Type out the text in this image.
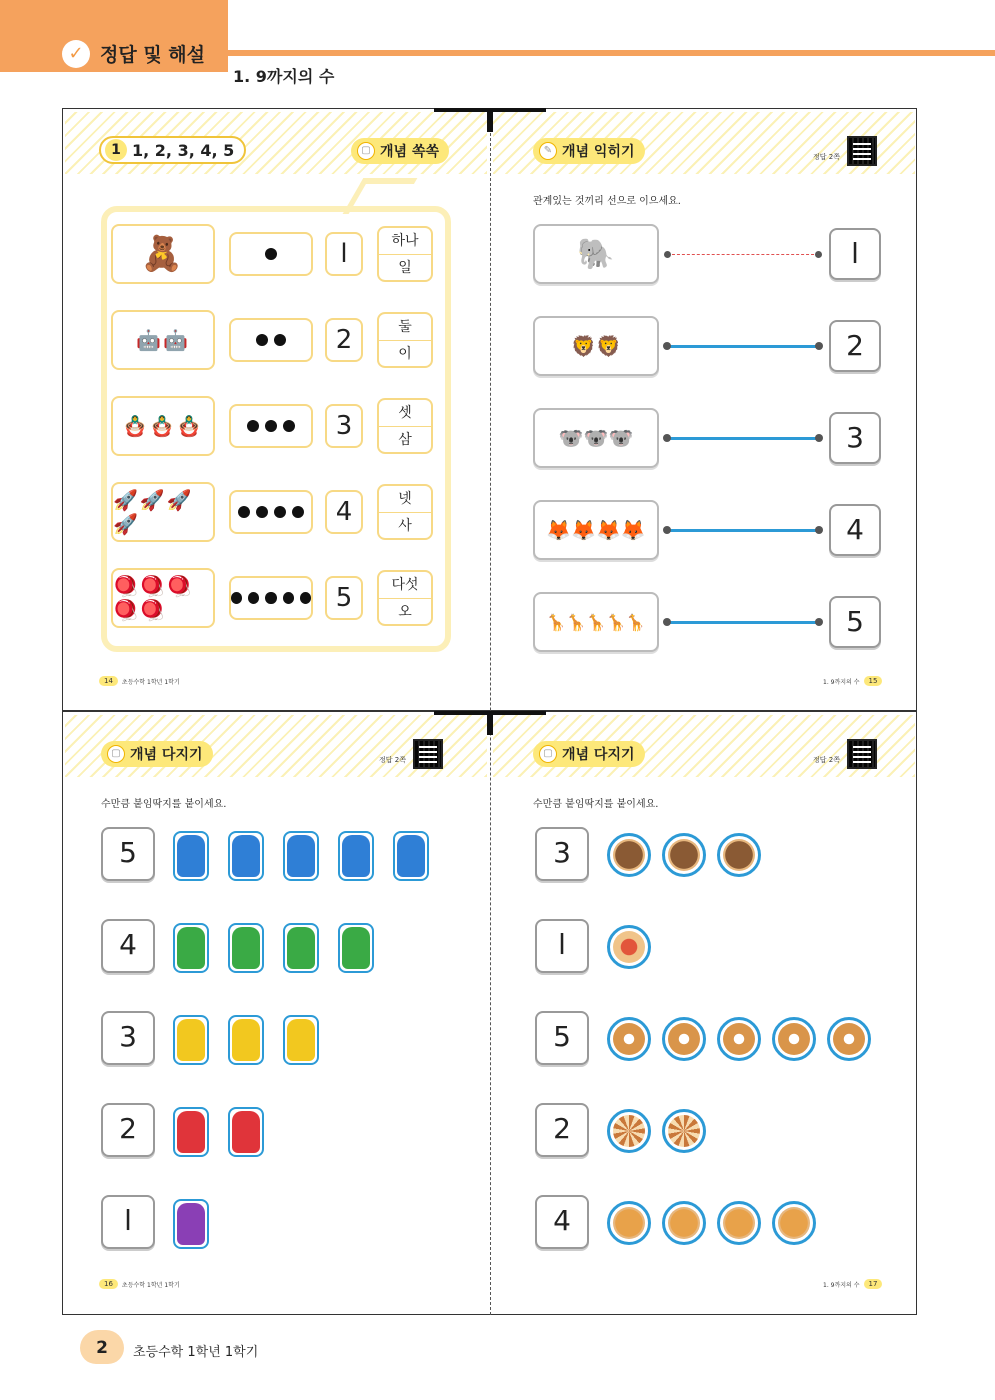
✓ 정답 및 해설
1. 9까지의 수
1 1, 2, 3, 4, 5	▢ 개념 쏙쏙
14	초등수학 1학년 1학기
🧸	l	하나
일
🤖🤖	2	둘
이
🪆🪆🪆	3	셋
삼
🚀🚀🚀🚀	4	넷
사
🪀🪀🪀🪀🪀	5	다섯
오
✎ 개념 익히기	정답 2쪽
관계있는 것끼리 선으로 이으세요.
1. 9까지의 수	15
🐘	l
🦁🦁	2
🐨🐨🐨	3
🦊🦊🦊🦊	4
🦒🦒🦒🦒🦒	5
▢ 개념 다지기	정답 2쪽
수만큼 붙임딱지를 붙이세요.
16	초등수학 1학년 1학기
5
4
3
2
l
▢ 개념 다지기	정답 2쪽
수만큼 붙임딱지를 붙이세요.
1. 9까지의 수	17
3
l
5
2
4
2	초등수학 1학년 1학기
